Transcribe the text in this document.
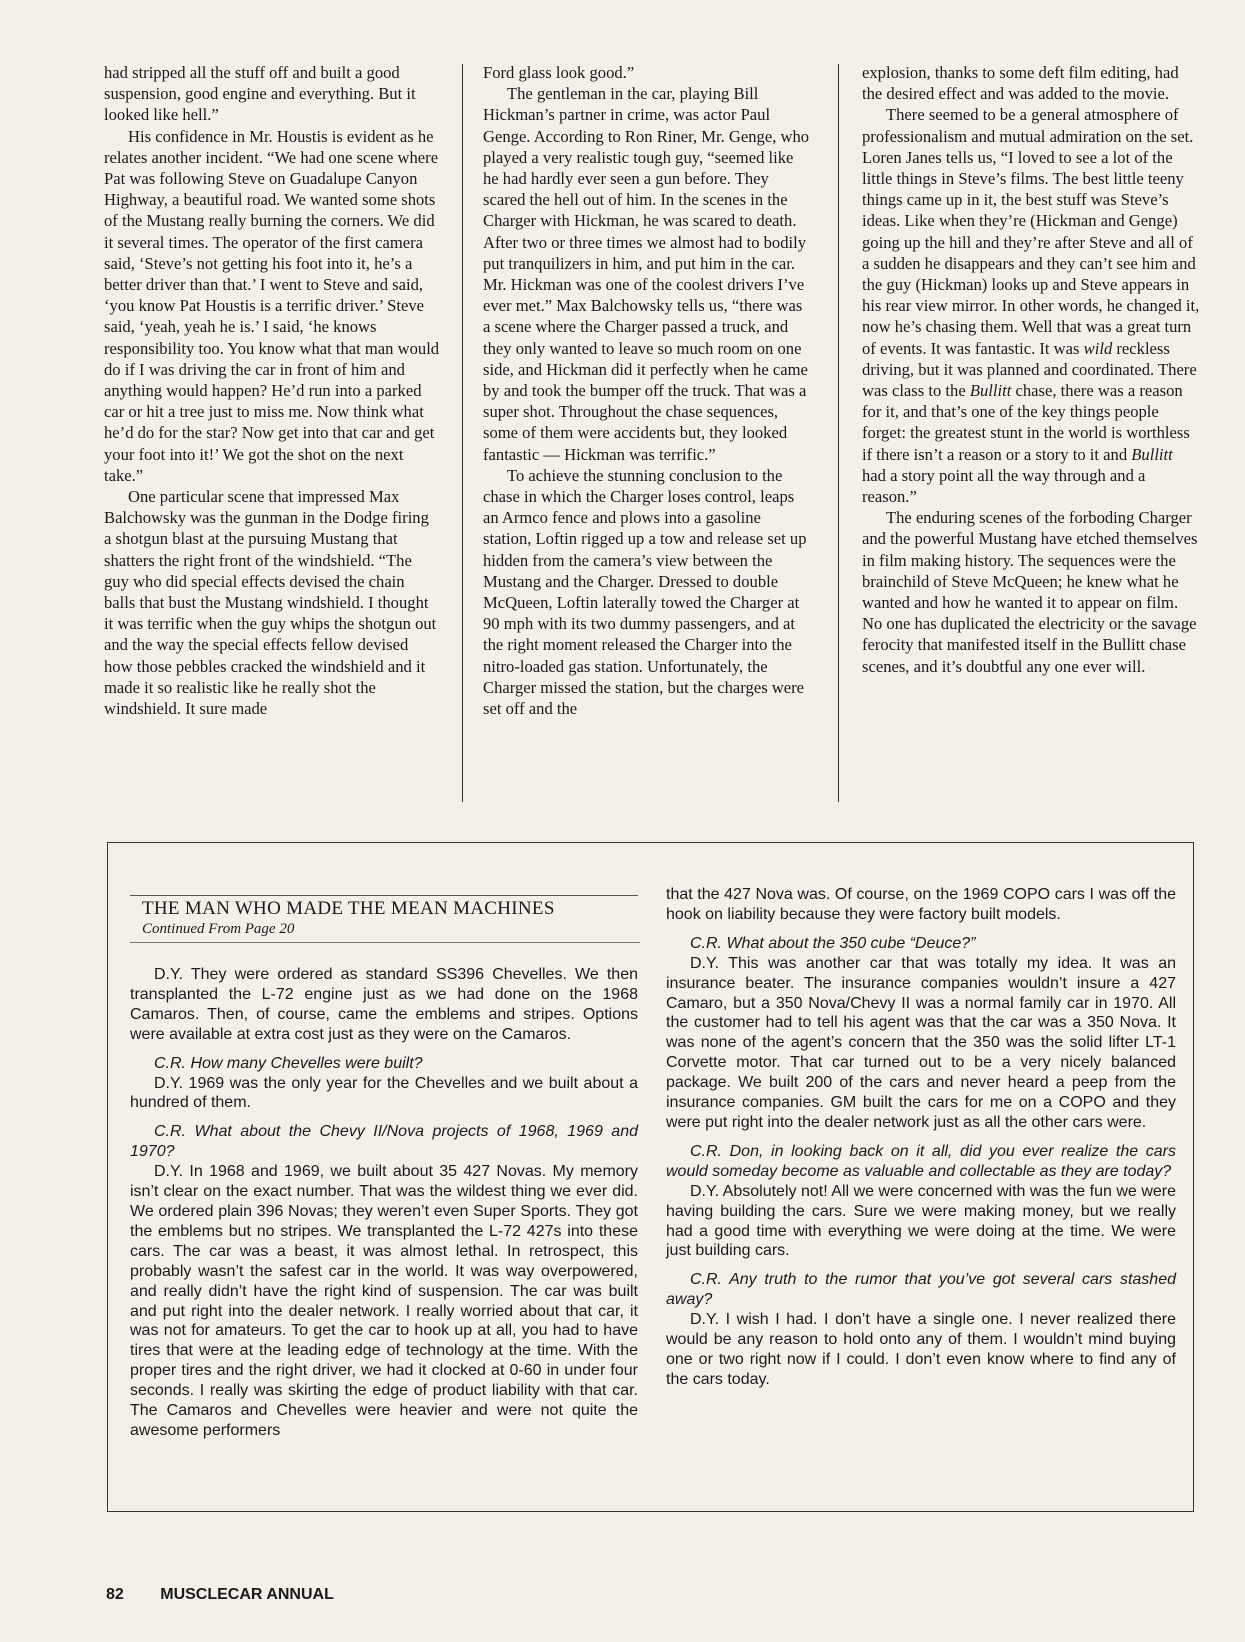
had stripped all the stuff off and built a good suspension, good engine and everything. But it looked like hell.”

His confidence in Mr. Houstis is evident as he relates another incident. “We had one scene where Pat was following Steve on Guadalupe Canyon Highway, a beautiful road. We wanted some shots of the Mustang really burning the corners. We did it several times. The operator of the first camera said, ‘Steve’s not getting his foot into it, he’s a better driver than that.’ I went to Steve and said, ‘you know Pat Houstis is a terrific driver.’ Steve said, ‘yeah, yeah he is.’ I said, ‘he knows responsibility too. You know what that man would do if I was driving the car in front of him and anything would happen? He’d run into a parked car or hit a tree just to miss me. Now think what he’d do for the star? Now get into that car and get your foot into it!’ We got the shot on the next take.”

One particular scene that impressed Max Balchowsky was the gunman in the Dodge firing a shotgun blast at the pursuing Mustang that shatters the right front of the windshield. “The guy who did special effects devised the chain balls that bust the Mustang windshield. I thought it was terrific when the guy whips the shotgun out and the way the special effects fellow devised how those pebbles cracked the windshield and it made it so realistic like he really shot the windshield. It sure made

Ford glass look good.”

The gentleman in the car, playing Bill Hickman’s partner in crime, was actor Paul Genge. According to Ron Riner, Mr. Genge, who played a very realistic tough guy, “seemed like he had hardly ever seen a gun before. They scared the hell out of him. In the scenes in the Charger with Hickman, he was scared to death. After two or three times we almost had to bodily put tranquilizers in him, and put him in the car. Mr. Hickman was one of the coolest drivers I’ve ever met.” Max Balchowsky tells us, “there was a scene where the Charger passed a truck, and they only wanted to leave so much room on one side, and Hickman did it perfectly when he came by and took the bumper off the truck. That was a super shot. Throughout the chase sequences, some of them were accidents but, they looked fantastic — Hickman was terrific.”

To achieve the stunning conclusion to the chase in which the Charger loses control, leaps an Armco fence and plows into a gasoline station, Loftin rigged up a tow and release set up hidden from the camera’s view between the Mustang and the Charger. Dressed to double McQueen, Loftin laterally towed the Charger at 90 mph with its two dummy passengers, and at the right moment released the Charger into the nitro-loaded gas station. Unfortunately, the Charger missed the station, but the charges were set off and the

explosion, thanks to some deft film editing, had the desired effect and was added to the movie.

There seemed to be a general atmosphere of professionalism and mutual admiration on the set. Loren Janes tells us, “I loved to see a lot of the little things in Steve’s films. The best little teeny things came up in it, the best stuff was Steve’s ideas. Like when they’re (Hickman and Genge) going up the hill and they’re after Steve and all of a sudden he disappears and they can’t see him and the guy (Hickman) looks up and Steve appears in his rear view mirror. In other words, he changed it, now he’s chasing them. Well that was a great turn of events. It was fantastic. It was wild reckless driving, but it was planned and coordinated. There was class to the Bullitt chase, there was a reason for it, and that’s one of the key things people forget: the greatest stunt in the world is worthless if there isn’t a reason or a story to it and Bullitt had a story point all the way through and a reason.”

The enduring scenes of the forboding Charger and the powerful Mustang have etched themselves in film making history. The sequences were the brainchild of Steve McQueen; he knew what he wanted and how he wanted it to appear on film. No one has duplicated the electricity or the savage ferocity that manifested itself in the Bullitt chase scenes, and it’s doubtful any one ever will.

THE MAN WHO MADE THE MEAN MACHINES
Continued From Page 20

D.Y. They were ordered as standard SS396 Chevelles. We then transplanted the L-72 engine just as we had done on the 1968 Camaros. Then, of course, came the emblems and stripes. Options were available at extra cost just as they were on the Camaros.

C.R. How many Chevelles were built?

D.Y. 1969 was the only year for the Chevelles and we built about a hundred of them.

C.R. What about the Chevy II/Nova projects of 1968, 1969 and 1970?

D.Y. In 1968 and 1969, we built about 35 427 Novas. My memory isn’t clear on the exact number. That was the wildest thing we ever did. We ordered plain 396 Novas; they weren’t even Super Sports. They got the emblems but no stripes. We transplanted the L-72 427s into these cars. The car was a beast, it was almost lethal. In retrospect, this probably wasn’t the safest car in the world. It was way overpowered, and really didn’t have the right kind of suspension. The car was built and put right into the dealer network. I really worried about that car, it was not for amateurs. To get the car to hook up at all, you had to have tires that were at the leading edge of technology at the time. With the proper tires and the right driver, we had it clocked at 0-60 in under four seconds. I really was skirting the edge of product liability with that car. The Camaros and Chevelles were heavier and were not quite the awesome performers

that the 427 Nova was. Of course, on the 1969 COPO cars I was off the hook on liability because they were factory built models.

C.R. What about the 350 cube “Deuce?”

D.Y. This was another car that was totally my idea. It was an insurance beater. The insurance companies wouldn’t insure a 427 Camaro, but a 350 Nova/Chevy II was a normal family car in 1970. All the customer had to tell his agent was that the car was a 350 Nova. It was none of the agent’s concern that the 350 was the solid lifter LT-1 Corvette motor. That car turned out to be a very nicely balanced package. We built 200 of the cars and never heard a peep from the insurance companies. GM built the cars for me on a COPO and they were put right into the dealer network just as all the other cars were.

C.R. Don, in looking back on it all, did you ever realize the cars would someday become as valuable and collectable as they are today?

D.Y. Absolutely not! All we were concerned with was the fun we were having building the cars. Sure we were making money, but we really had a good time with everything we were doing at the time. We were just building cars.

C.R. Any truth to the rumor that you’ve got several cars stashed away?

D.Y. I wish I had. I don’t have a single one. I never realized there would be any reason to hold onto any of them. I wouldn’t mind buying one or two right now if I could. I don’t even know where to find any of the cars today.

82 MUSCLECAR ANNUAL
